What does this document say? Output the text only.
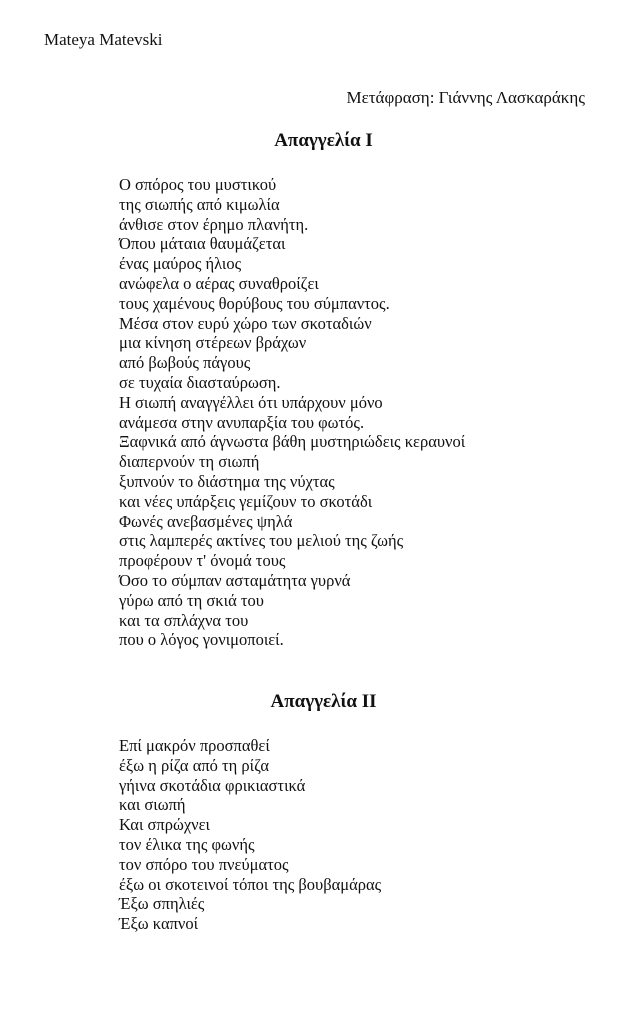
Mateya Matevski
Μετάφραση: Γιάννης Λασκαράκης
Απαγγελία Ι
Ο σπόρος του μυστικού
της σιωπής από κιμωλία
άνθισε στον έρημο πλανήτη.
Όπου μάταια θαυμάζεται
ένας μαύρος ήλιος
ανώφελα ο αέρας συναθροίζει
τους χαμένους θορύβους του σύμπαντος.
Μέσα στον ευρύ χώρο των σκοταδιών
μια κίνηση στέρεων βράχων
από βωβούς πάγους
σε τυχαία διασταύρωση.
Η σιωπή αναγγέλλει ότι υπάρχουν μόνο
ανάμεσα στην ανυπαρξία του φωτός.
Ξαφνικά από άγνωστα βάθη μυστηριώδεις κεραυνοί
διαπερνούν τη σιωπή
ξυπνούν το διάστημα της νύχτας
και νέες υπάρξεις γεμίζουν το σκοτάδι
Φωνές ανεβασμένες ψηλά
στις λαμπερές ακτίνες του μελιού της ζωής
προφέρουν τ' όνομά τους
Όσο το σύμπαν ασταμάτητα γυρνά
γύρω από τη σκιά του
και τα σπλάχνα του
που ο λόγος γονιμοποιεί.
Απαγγελία ΙΙ
Επί μακρόν προσπαθεί
έξω η ρίζα από τη ρίζα
γήινα σκοτάδια φρικιαστικά
και σιωπή
Και σπρώχνει
τον έλικα της φωνής
τον σπόρο του πνεύματος
έξω οι σκοτεινοί τόποι της βουβαμάρας
Έξω σπηλιές
Έξω καπνοί
